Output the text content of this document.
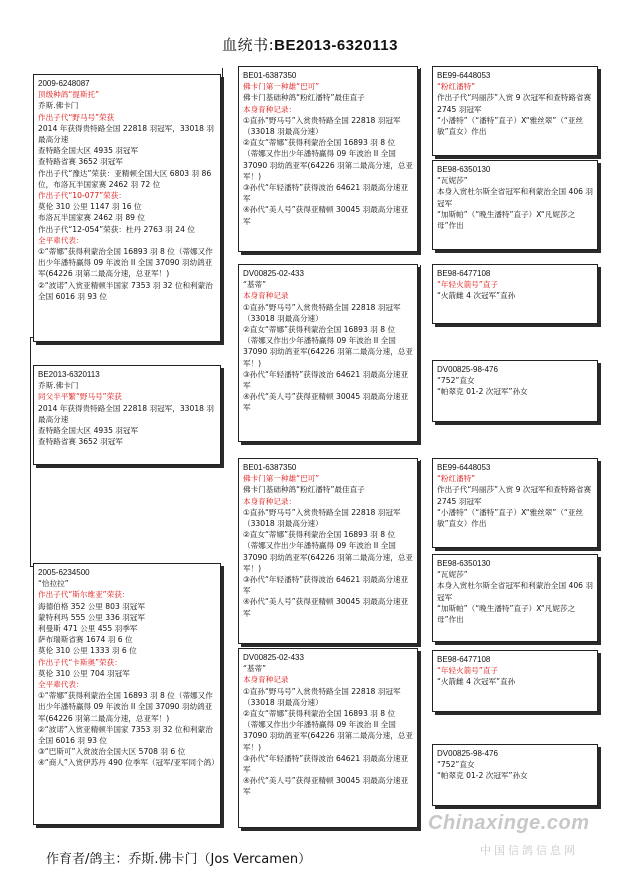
血统书:BE2013-6320113
2009-6248087
顶级种鸽“提斯托”
乔斯.佛卡门
作出子代“野马号”荣获
2014 年获得贵特路全国 22818 羽冠军，33018 羽最高分速
查特路全国大区 4935 羽冠军
查特路省赛 3652 羽冠军
作出子代“豫达”荣获：亚精顿全国大区 6803 羽 86 位，布洛瓦半国家赛 2462 羽 72 位
作出子代“10-077”荣获：
莫伦 310 公里 1147 羽 16 位
布洛瓦半国家赛 2462 羽 89 位
作出子代“12-054”荣获：杜丹 2763 羽 24 位
全平辈代表：
①“蒂娜”获得利蒙治全国 16893 羽 8 位（蒂娜又作出少年潘特赢得 09 年波治 II 全国 37090 羽幼鸽亚军(64226 羽第二最高分速，总亚军！)
②“波诺”入赏亚精顿半国家 7353 羽 32 位和利蒙治全国 6016 羽 93 位
BE2013-6320113
乔斯.佛卡门
同父半平繁“野马号”荣获
2014 年获得贵特路全国 22818 羽冠军，33018 羽最高分速
查特路全国大区 4935 羽冠军
查特路省赛 3652 羽冠军
2005-6234500
“恰拉拉”
作出子代“斯尔维亚”荣获：
海德伯格 352 公里 803 羽冠军
蒙特利玛 555 公里 336 羽冠军
利曼斯 471 公里 455 羽季军
萨布瑞斯省赛 1674 羽 6 位
莫伦 310 公里 1333 羽 6 位
作出子代“卡斯奥”荣获：
莫伦 310 公里 704 羽冠军
全平辈代表：
①“蒂娜”获得利蒙治全国 16893 羽 8 位（蒂娜又作出少年潘特赢得 09 年波治 II 全国 37090 羽幼鸽亚军(64226 羽第二最高分速，总亚军！)
②“波诺”入赏亚精顿半国家 7353 羽 32 位和利蒙治全国 6016 羽 93 位
③“巴斯可”入赏波治全国大区 5708 羽 6 位
④“商人”入赏伊苏丹 490 位季军（冠军/亚军同个鸽）
BE01-6387350
佛卡门第一种雄“巴可”
佛卡门基础种鸽“粉红潘特”最佳直子
本身育种记录：
①直孙“野马号”入赏贵特路全国 22818 羽冠军（33018 羽最高分速）
②直女“蒂娜”获得利蒙治全国 16893 羽 8 位
（蒂娜又作出少年潘特赢得 09 年波治 II 全国 37090 羽幼鸽亚军(64226 羽第二最高分速，总亚军！)
③孙代“年轻潘特”获得波治 64621 羽最高分速亚军
④孙代“美人号”获得亚精顿 30045 羽最高分速亚军
DV00825-02-433
“基蒂”
本身育种记录
①直孙“野马号”入赏贵特路全国 22818 羽冠军（33018 羽最高分速）
②直女“蒂娜”获得利蒙治全国 16893 羽 8 位
（蒂娜又作出少年潘特赢得 09 年波治 II 全国 37090 羽幼鸽亚军(64226 羽第二最高分速，总亚军！)
③孙代“年轻潘特”获得波治 64621 羽最高分速亚军
④孙代“美人号”获得亚精顿 30045 羽最高分速亚军
BE01-6387350
佛卡门第一种雄“巴可”
佛卡门基础种鸽“粉红潘特”最佳直子
本身育种记录：
①直孙“野马号”入赏贵特路全国 22818 羽冠军（33018 羽最高分速）
②直女“蒂娜”获得利蒙治全国 16893 羽 8 位
（蒂娜又作出少年潘特赢得 09 年波治 II 全国 37090 羽幼鸽亚军(64226 羽第二最高分速，总亚军！)
③孙代“年轻潘特”获得波治 64621 羽最高分速亚军
④孙代“美人号”获得亚精顿 30045 羽最高分速亚军
DV00825-02-433
“基蒂”
本身育种记录
①直孙“野马号”入赏贵特路全国 22818 羽冠军（33018 羽最高分速）
②直女“蒂娜”获得利蒙治全国 16893 羽 8 位
（蒂娜又作出少年潘特赢得 09 年波治 II 全国 37090 羽幼鸽亚军(64226 羽第二最高分速，总亚军！)
③孙代“年轻潘特”获得波治 64621 羽最高分速亚军
④孙代“美人号”获得亚精顿 30045 羽最高分速亚军
BE99-6448053
“粉红潘特”
作出子代“玛丽莎”入赏 9 次冠军和查特路省赛 2745 羽冠军
“小潘特”（“潘特”直子）X“雅丝翠”（“亚丝敏”直女）作出
BE98-6350130
“瓦妮莎”
本身入赏杜尔斯全省冠军和利蒙治全国 406 羽冠军
“加斯帕”（“晚生潘特”直子）X“凡妮莎之母”作出
BE98-6477108
“年轻火箭号”直子
“火箭雌 4 次冠军”直孙
DV00825-98-476
“752”直女
“帕翠克 01-2 次冠军”孙女
BE99-6448053
“粉红潘特”
作出子代“玛丽莎”入赏 9 次冠军和查特路省赛 2745 羽冠军
“小潘特”（“潘特”直子）X“雅丝翠”（“亚丝敏”直女）作出
BE98-6350130
“瓦妮莎”
本身入赏杜尔斯全省冠军和利蒙治全国 406 羽冠军
“加斯帕”（“晚生潘特”直子）X“凡妮莎之母”作出
BE98-6477108
“年轻火箭号”直子
“火箭雌 4 次冠军”直孙
DV00825-98-476
“752”直女
“帕翠克 01-2 次冠军”孙女
Chinaxinge.com
中国信鸽信息网
作育者/鸽主：乔斯.佛卡门（Jos Vercamen）
